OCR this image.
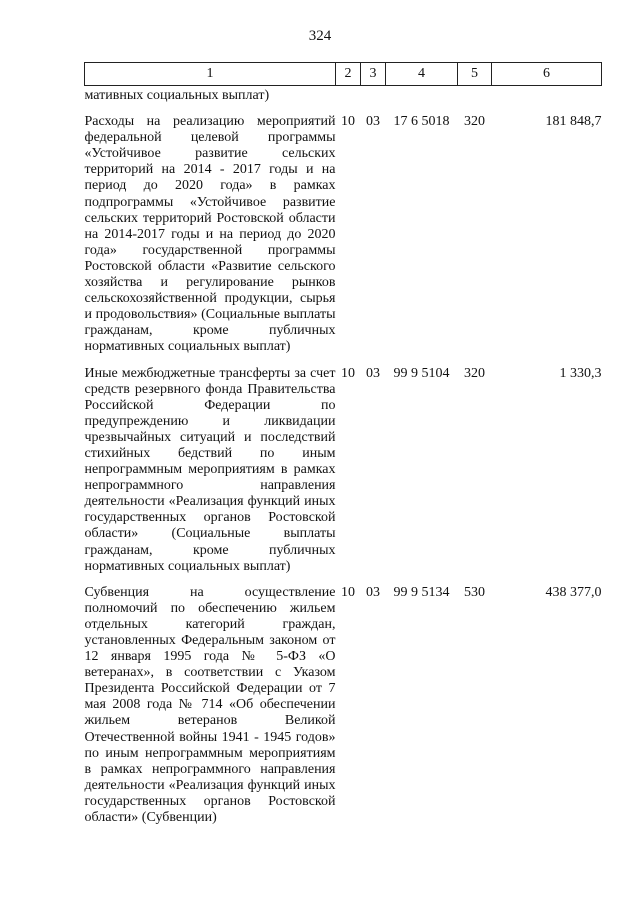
324
1	2	3	4	5	6
мативных социальных выплат)					
Расходы на реализацию мероприятий федеральной целевой программы «Устойчивое развитие сельских территорий на 2014 - 2017 годы и на период до 2020 года» в рамках подпрограммы «Устойчивое развитие сельских территорий Ростовской области на 2014-2017 годы и на период до 2020 года» государственной программы Ростовской области «Развитие сельского хозяйства и регулирование рынков сельскохозяйственной продукции, сырья и продовольствия» (Социальные выплаты гражданам, кроме публичных нормативных социальных выплат)	10	03	17 6 5018	320	181 848,7
Иные межбюджетные трансферты за счет средств резервного фонда Правительства Российской Федерации по предупреждению и ликвидации чрезвычайных ситуаций и последствий стихийных бедствий по иным непрограммным мероприятиям в рамках непрограммного направления деятельности «Реализация функций иных государственных органов Ростовской области» (Социальные выплаты гражданам, кроме публичных нормативных социальных выплат)	10	03	99 9 5104	320	1 330,3
Субвенция на осуществление полномочий по обеспечению жильем отдельных категорий граждан, установленных Федеральным законом от 12 января 1995 года № 5-ФЗ «О ветеранах», в соответствии с Указом Президента Российской Федерации от 7 мая 2008 года № 714 «Об обеспечении жильем ветеранов Великой Отечественной войны 1941 - 1945 годов» по иным непрограммным мероприятиям в рамках непрограммного направления деятельности «Реализация функций иных государственных органов Ростовской области» (Субвенции)	10	03	99 9 5134	530	438 377,0
